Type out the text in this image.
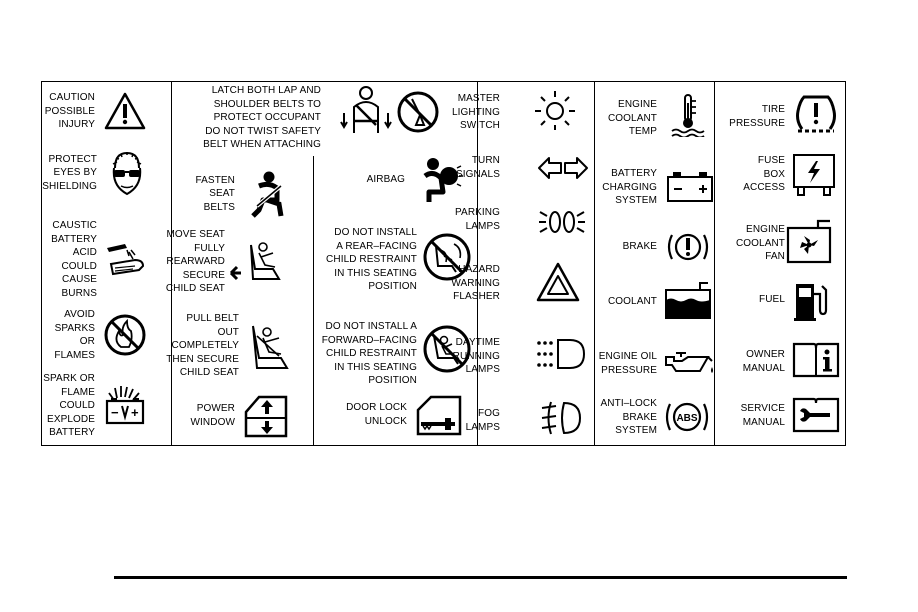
CAUTION
POSSIBLE
INJURY
PROTECT
EYES BY
SHIELDING
CAUSTIC
BATTERY
ACID COULD
CAUSE
BURNS
AVOID
SPARKS OR
FLAMES
SPARK OR
FLAME
COULD
EXPLODE
BATTERY
− +
LATCH BOTH LAP AND
SHOULDER BELTS TO
PROTECT OCCUPANT
DO NOT TWIST SAFETY
BELT WHEN ATTACHING
FASTEN
SEAT
BELTS
MOVE SEAT
FULLY
REARWARD
SECURE
CHILD SEAT
PULL BELT
OUT
COMPLETELY
THEN SECURE
CHILD SEAT
POWER
WINDOW
AIRBAG
DO NOT INSTALL
A REAR–FACING
CHILD RESTRAINT
IN THIS SEATING
POSITION
DO NOT INSTALL A
FORWARD–FACING
CHILD RESTRAINT
IN THIS SEATING
POSITION
DOOR LOCK
UNLOCK
MASTER
LIGHTING
SWITCH
TURN
SIGNALS
PARKING
LAMPS
HAZARD
WARNING
FLASHER
DAYTIME
RUNNING
LAMPS
FOG
LAMPS
ENGINE
COOLANT
TEMP
BATTERY
CHARGING
SYSTEM
BRAKE
COOLANT
ENGINE OIL
PRESSURE
ANTI–LOCK
BRAKE
SYSTEM
ABS
TIRE
PRESSURE
FUSE
BOX
ACCESS
ENGINE
COOLANT
FAN
FUEL
OWNER
MANUAL
SERVICE
MANUAL
